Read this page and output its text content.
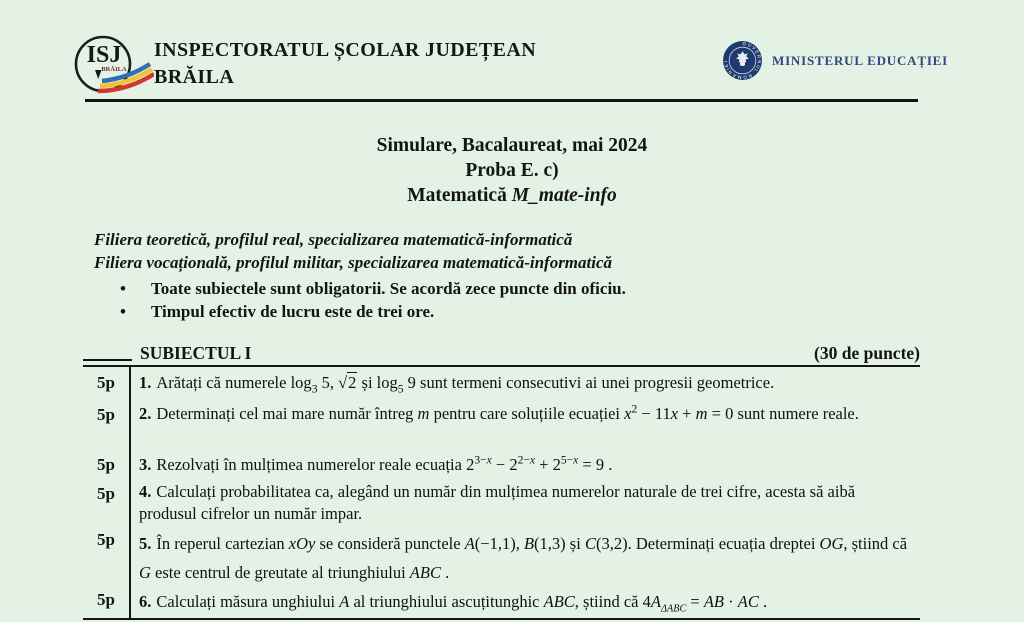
ISJ
BRĂILA
INSPECTORATUL ȘCOLAR JUDEȚEAN
BRĂILA
GUVERNUL ROMÂNIEI	MINISTERUL EDUCAȚIEI
Simulare, Bacalaureat, mai 2024
Proba E. c)
Matematică M_mate-info
Filiera teoretică, profilul real, specializarea matematică-informatică
Filiera vocațională, profilul militar, specializarea matematică-informatică
•	Toate subiectele sunt obligatorii. Se acordă zece puncte din oficiu.
•	Timpul efectiv de lucru este de trei ore.
SUBIECTUL I	(30 de puncte)
5p	1. Arătați că numerele $\log_3 5$, √2 și $\log_5 9$ sunt termeni consecutivi ai unei progresii geometrice.
5p	2. Determinați cel mai mare număr întreg m pentru care soluțiile ecuației $x^2 - 11x + m = 0$ sunt numere reale.
5p	3. Rezolvați în mulțimea numerelor reale ecuația $2^{3-x} - 2^{2-x} + 2^{5-x} = 9$ .
5p	4. Calculați probabilitatea ca, alegând un număr din mulțimea numerelor naturale de trei cifre, acesta să aibă produsul cifrelor un număr impar.
5p	5. În reperul cartezian xOy se consideră punctele A(−1,1), B(1,3) și C(3,2). Determinați ecuația dreptei OG, știind că G este centrul de greutate al triunghiului ABC .
5p	6. Calculați măsura unghiului A al triunghiului ascuțitunghic ABC, știind că $4A_{\Delta ABC}$ = AB · AC .
